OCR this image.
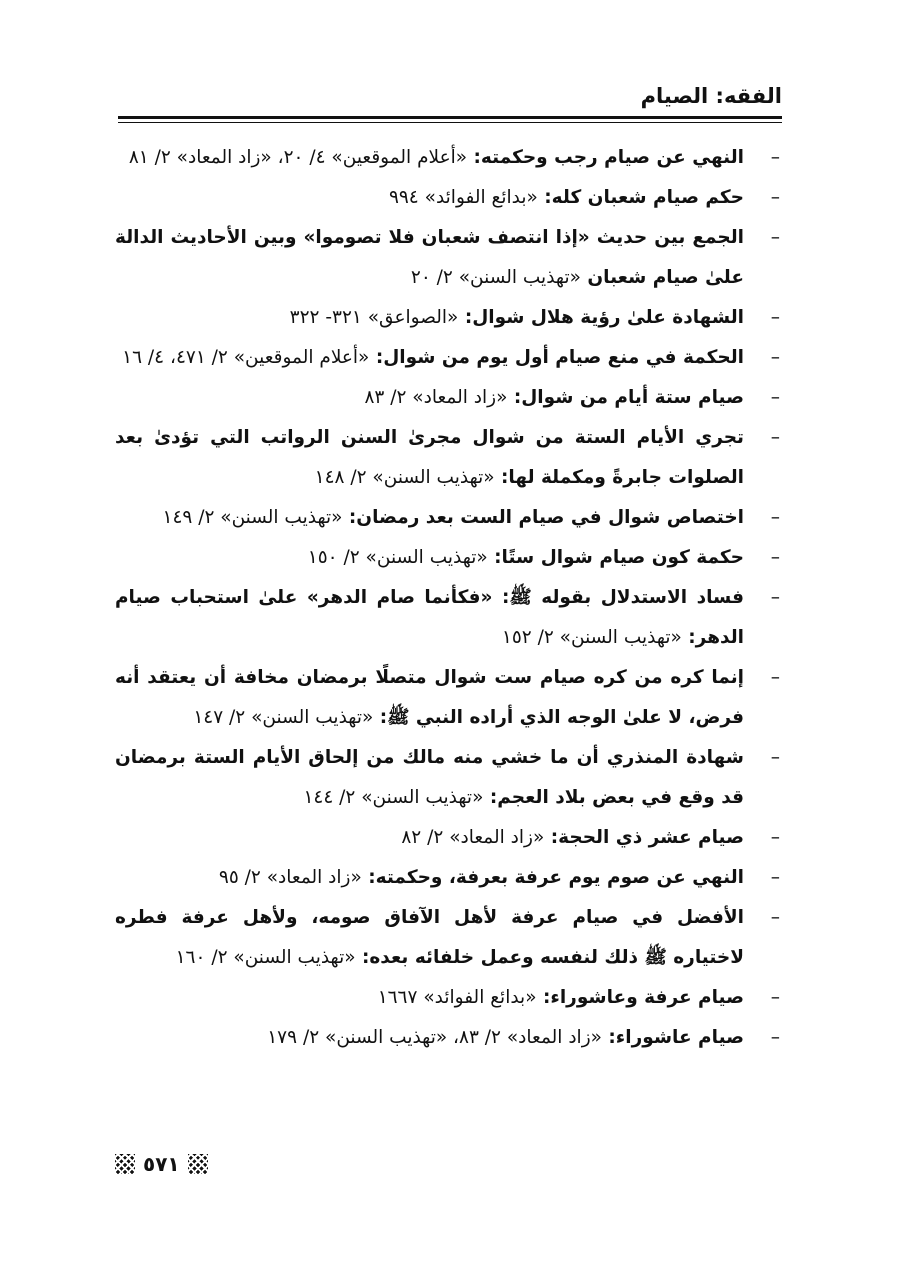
الفقه: الصيام
–
النهي عن صيام رجب وحكمته: «أعلام الموقعين» ٤/ ٢٠، «زاد المعاد» ٢/ ٨١
–
حكم صيام شعبان كله: «بدائع الفوائد» ٩٩٤
–
الجمع بين حديث «إذا انتصف شعبان فلا تصوموا» وبين الأحاديث الدالة علىٰ صيام شعبان «تهذيب السنن» ٢/ ٢٠
–
الشهادة علىٰ رؤية هلال شوال: «الصواعق» ٣٢١- ٣٢٢
–
الحكمة في منع صيام أول يوم من شوال: «أعلام الموقعين» ٢/ ٤٧١، ٤/ ١٦
–
صيام ستة أيام من شوال: «زاد المعاد» ٢/ ٨٣
–
تجري الأيام الستة من شوال مجرىٰ السنن الرواتب التي تؤدىٰ بعد الصلوات جابرةً ومكملة لها: «تهذيب السنن» ٢/ ١٤٨
–
اختصاص شوال في صيام الست بعد رمضان: «تهذيب السنن» ٢/ ١٤٩
–
حكمة كون صيام شوال ستًا: «تهذيب السنن» ٢/ ١٥٠
–
فساد الاستدلال بقوله ﷺ: «فكأنما صام الدهر» علىٰ استحباب صيام الدهر: «تهذيب السنن» ٢/ ١٥٢
–
إنما كره من كره صيام ست شوال متصلًا برمضان مخافة أن يعتقد أنه فرض، لا علىٰ الوجه الذي أراده النبي ﷺ: «تهذيب السنن» ٢/ ١٤٧
–
شهادة المنذري أن ما خشي منه مالك من إلحاق الأيام الستة برمضان قد وقع في بعض بلاد العجم: «تهذيب السنن» ٢/ ١٤٤
–
صيام عشر ذي الحجة: «زاد المعاد» ٢/ ٨٢
–
النهي عن صوم يوم عرفة بعرفة، وحكمته: «زاد المعاد» ٢/ ٩٥
–
الأفضل في صيام عرفة لأهل الآفاق صومه، ولأهل عرفة فطره لاختياره ﷺ ذلك لنفسه وعمل خلفائه بعده: «تهذيب السنن» ٢/ ١٦٠
–
صيام عرفة وعاشوراء: «بدائع الفوائد» ١٦٦٧
–
صيام عاشوراء: «زاد المعاد» ٢/ ٨٣، «تهذيب السنن» ٢/ ١٧٩
٥٧١
